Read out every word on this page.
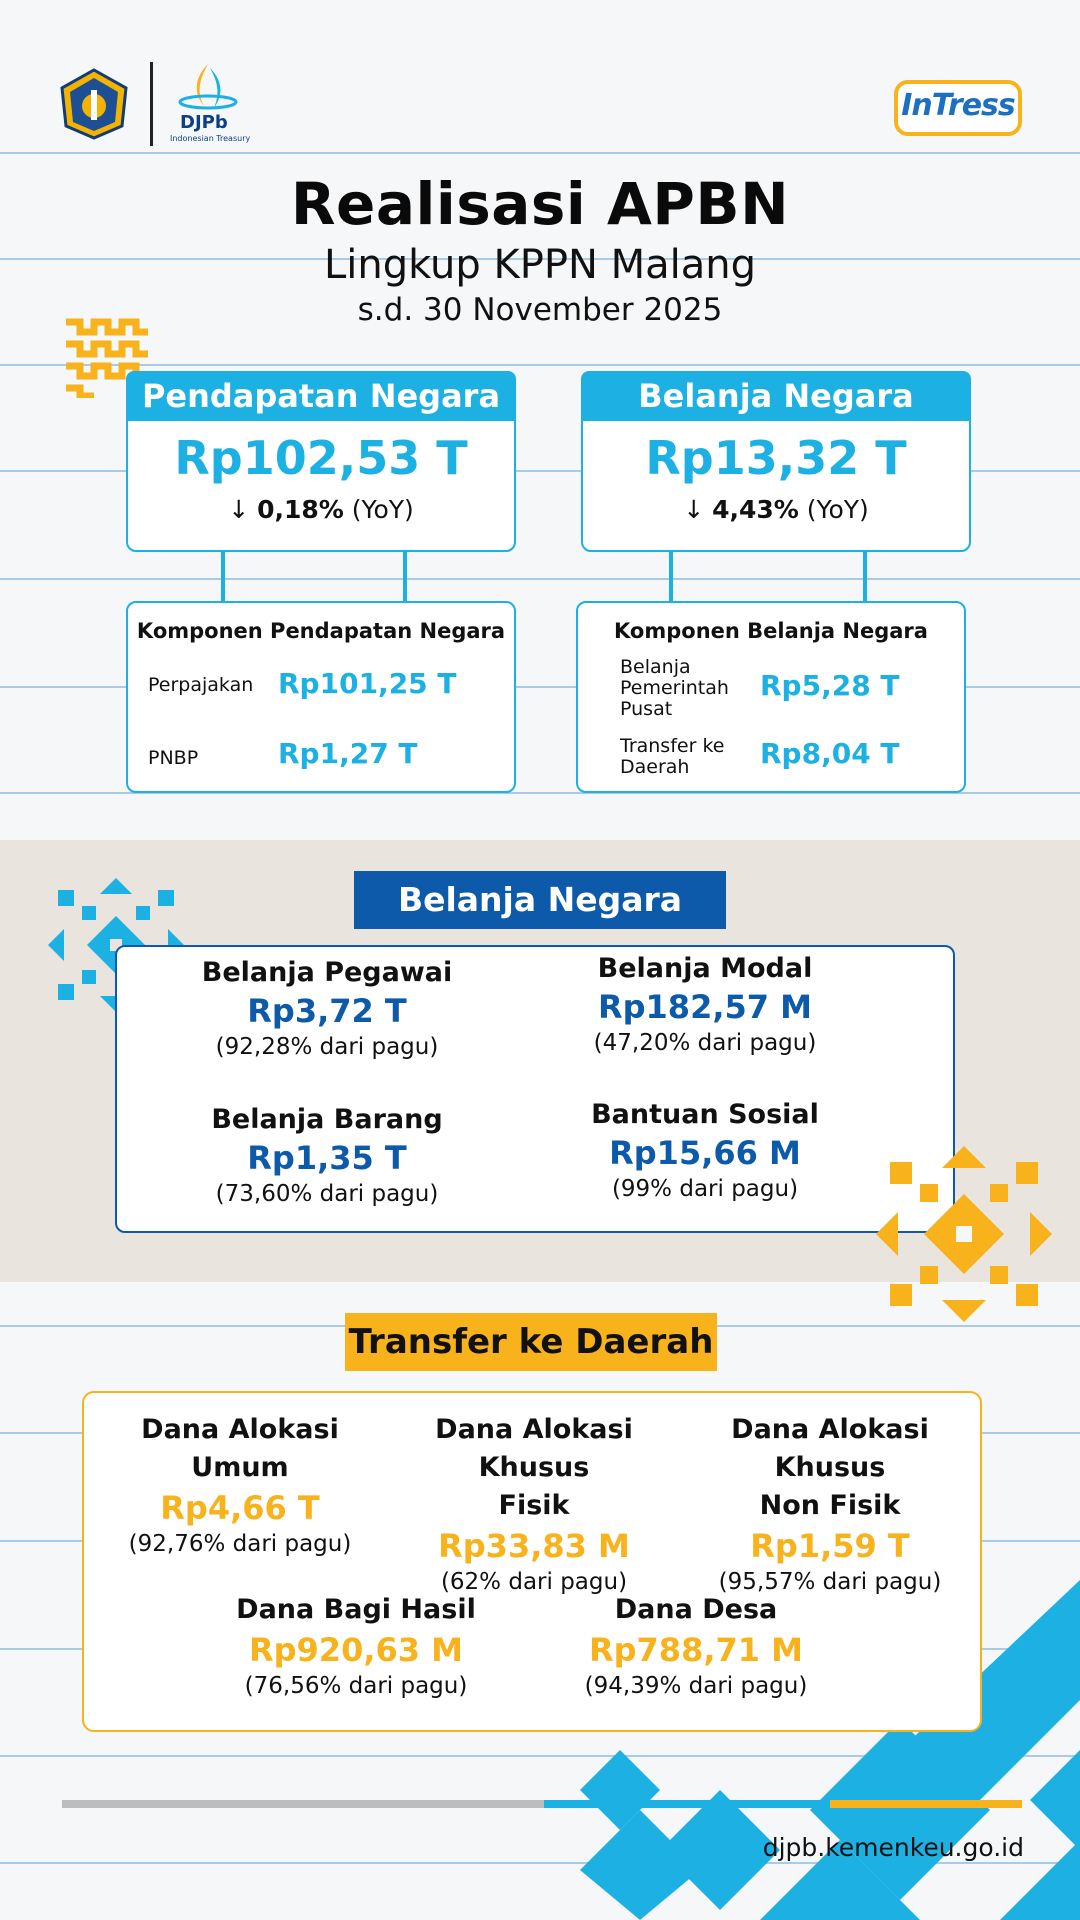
DJPb
Indonesian Treasury
InTress
Realisasi APBN
Lingkup KPPN Malang
s.d. 30 November 2025
Pendapatan Negara
Rp102,53 T
↓ 0,18% (YoY)
Belanja Negara
Rp13,32 T
↓ 4,43% (YoY)
Komponen Pendapatan Negara
Perpajakan Rp101,25 T
PNBP	Rp1,27 T
Komponen Belanja Negara
Belanja
Pemerintah
Pusat
Rp5,28 T
Transfer ke
Daerah	Rp8,04 T
Belanja Negara
Belanja Pegawai
Rp3,72 T
(92,28% dari pagu)
Belanja Modal
Rp182,57 M
(47,20% dari pagu)
Belanja Barang
Rp1,35 T
(73,60% dari pagu)
Bantuan Sosial
Rp15,66 M
(99% dari pagu)
Transfer ke Daerah
Dana Alokasi
Umum
Rp4,66 T
(92,76% dari pagu)
Dana Alokasi Khusus
Fisik
Rp33,83 M
(62% dari pagu)
Dana Alokasi Khusus
Non Fisik
Rp1,59 T
(95,57% dari pagu)
Dana Bagi Hasil
Rp920,63 M
(76,56% dari pagu)
Dana Desa
Rp788,71 M
(94,39% dari pagu)
djpb.kemenkeu.go.id
